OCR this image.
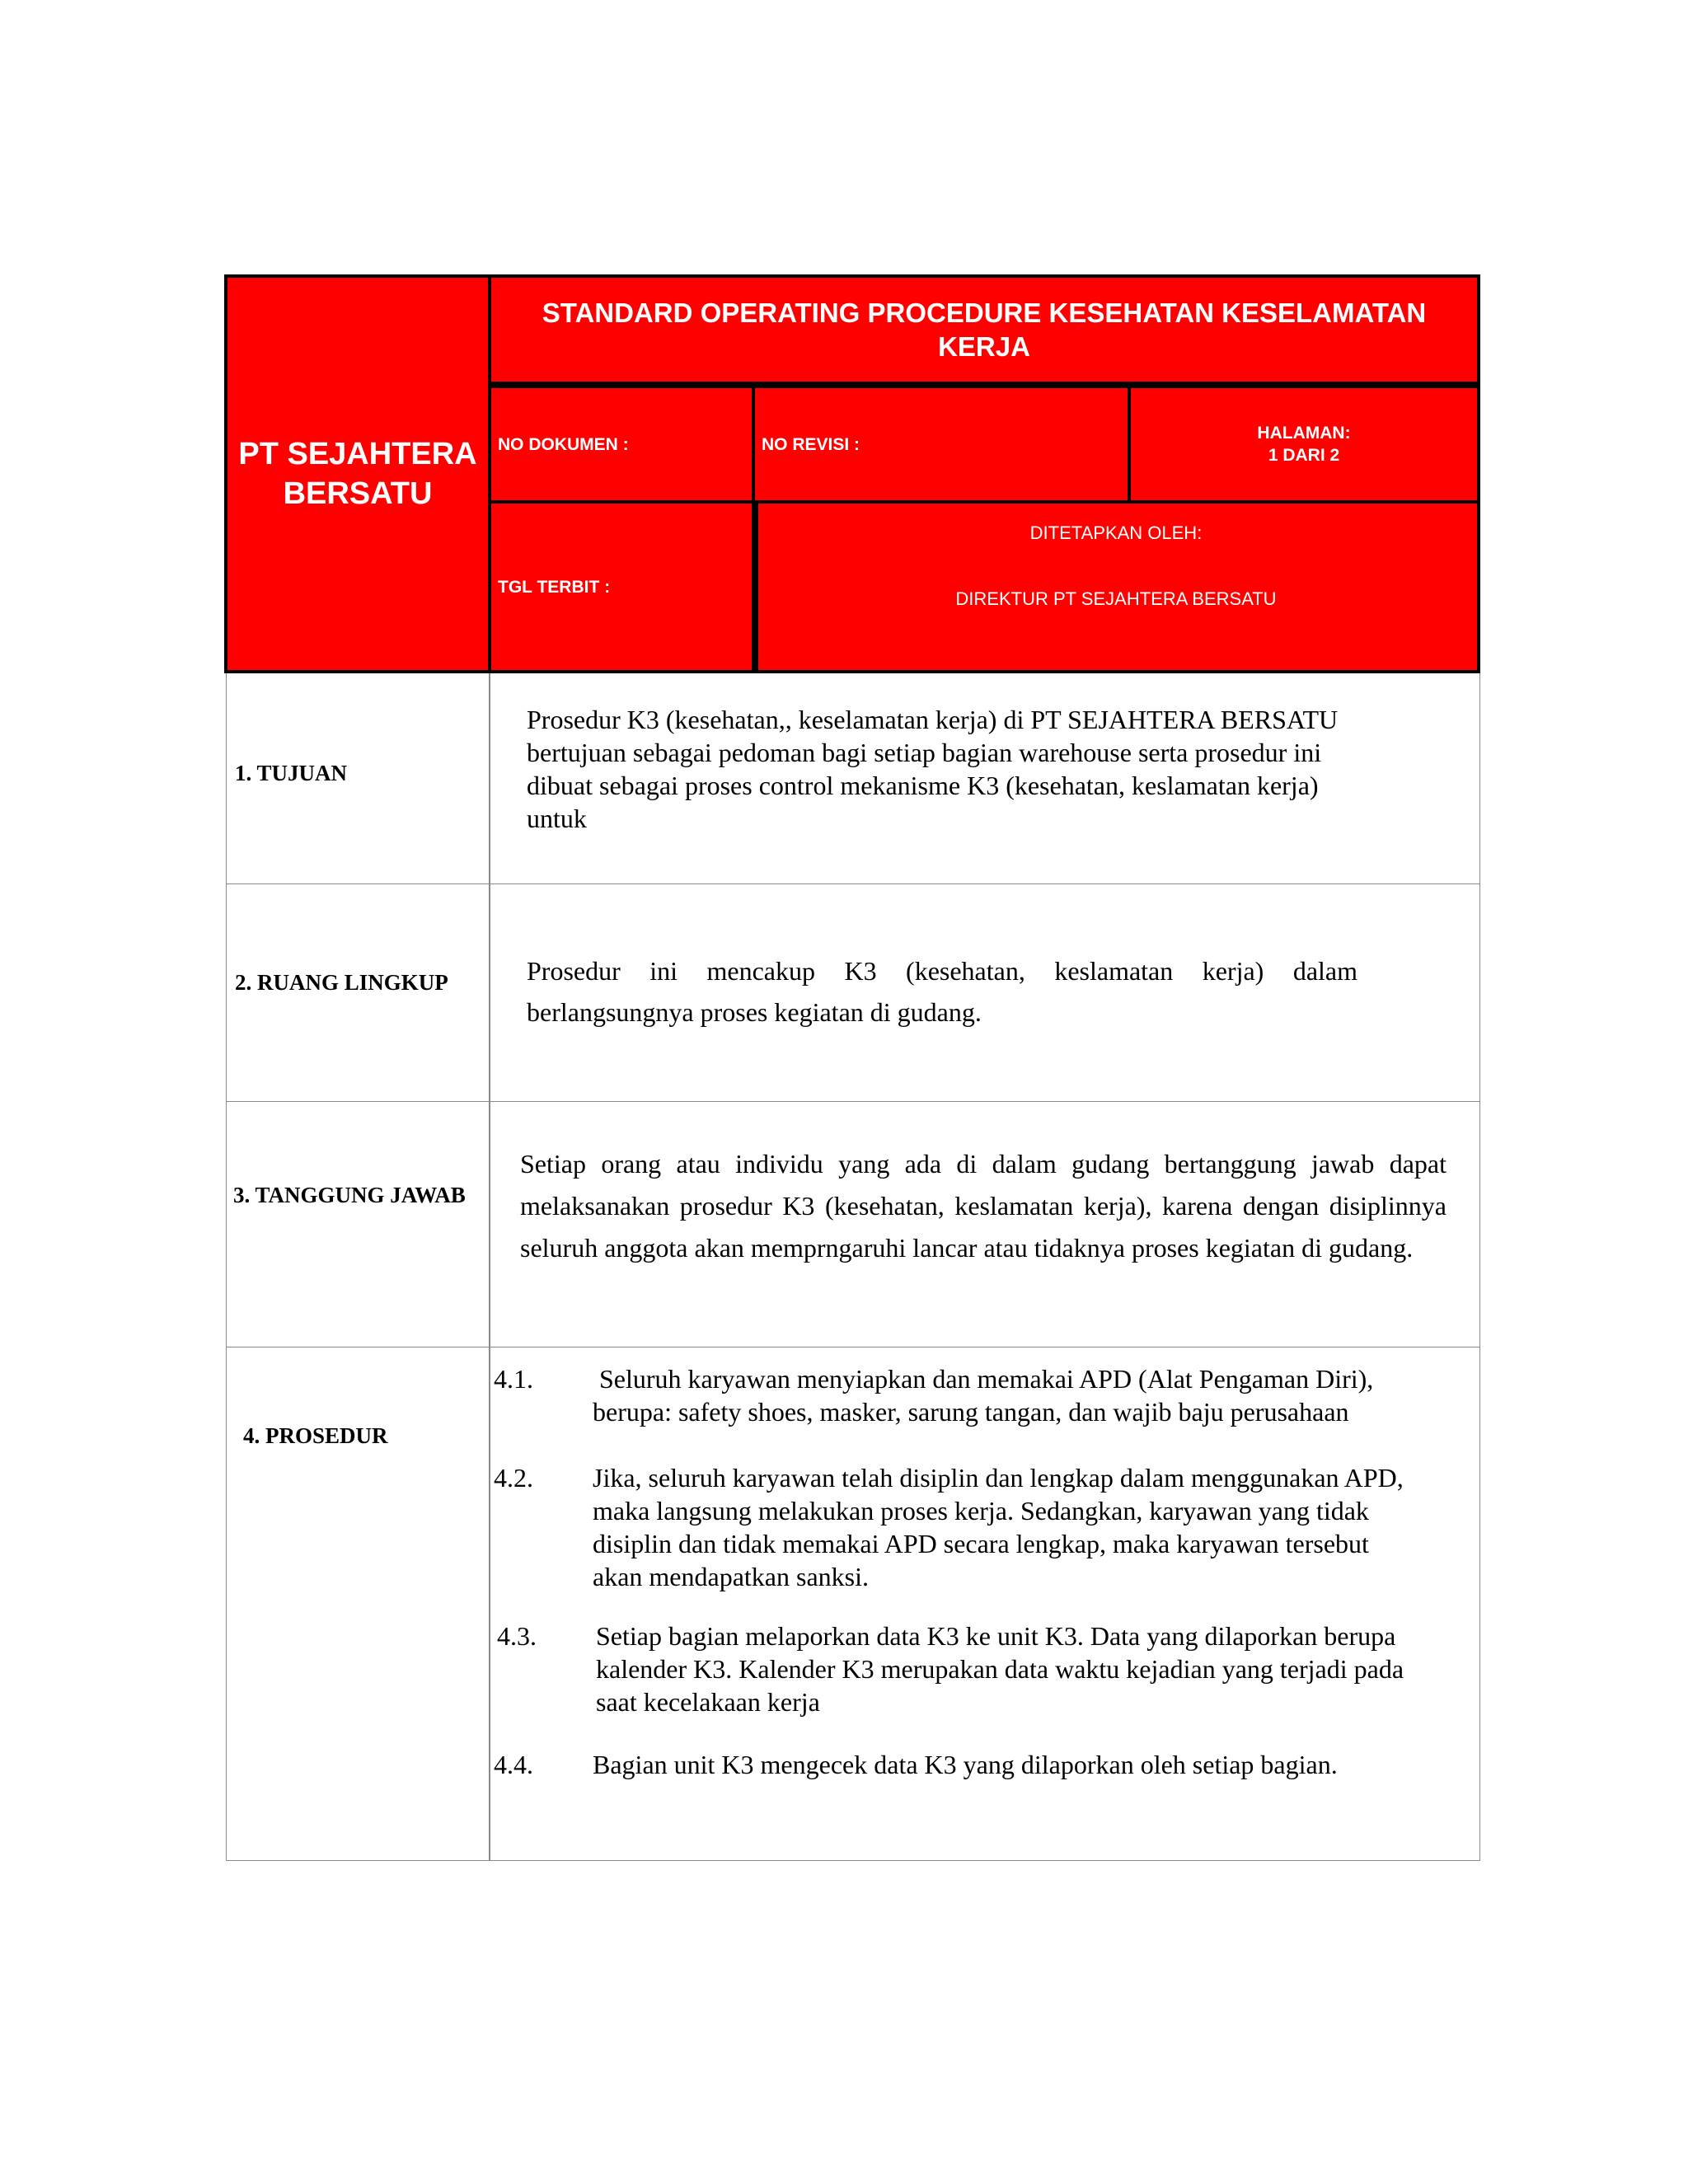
PT SEJAHTERA
BERSATU
STANDARD OPERATING PROCEDURE KESEHATAN KESELAMATAN
KERJA
NO DOKUMEN :	NO REVISI :
HALAMAN:
1 DARI 2
TGL TERBIT :
DITETAPKAN OLEH:
DIREKTUR PT SEJAHTERA BERSATU
1. TUJUAN
Prosedur K3 (kesehatan,, keselamatan kerja) di PT SEJAHTERA BERSATU
bertujuan sebagai pedoman bagi setiap bagian warehouse serta prosedur ini
dibuat sebagai proses control mekanisme K3 (kesehatan, keslamatan kerja)
untuk
2. RUANG LINGKUP	Prosedur ini mencakup K3 (kesehatan, keslamatan kerja) dalam berlangsungnya proses kegiatan di gudang.
3. TANGGUNG JAWAB
Setiap orang atau individu yang ada di dalam gudang bertanggung jawab dapat melaksanakan prosedur K3 (kesehatan, keslamatan kerja), karena dengan disiplinnya seluruh anggota akan memprngaruhi lancar atau tidaknya proses kegiatan di gudang.
4. PROSEDUR
4.1. Seluruh karyawan menyiapkan dan memakai APD (Alat Pengaman Diri),
berupa: safety shoes, masker, sarung tangan, dan wajib baju perusahaan
4.2. Jika, seluruh karyawan telah disiplin dan lengkap dalam menggunakan APD,
maka langsung melakukan proses kerja. Sedangkan, karyawan yang tidak
disiplin dan tidak memakai APD secara lengkap, maka karyawan tersebut
akan mendapatkan sanksi.
4.3. Setiap bagian melaporkan data K3 ke unit K3. Data yang dilaporkan berupa
kalender K3. Kalender K3 merupakan data waktu kejadian yang terjadi pada
saat kecelakaan kerja
4.4. Bagian unit K3 mengecek data K3 yang dilaporkan oleh setiap bagian.
